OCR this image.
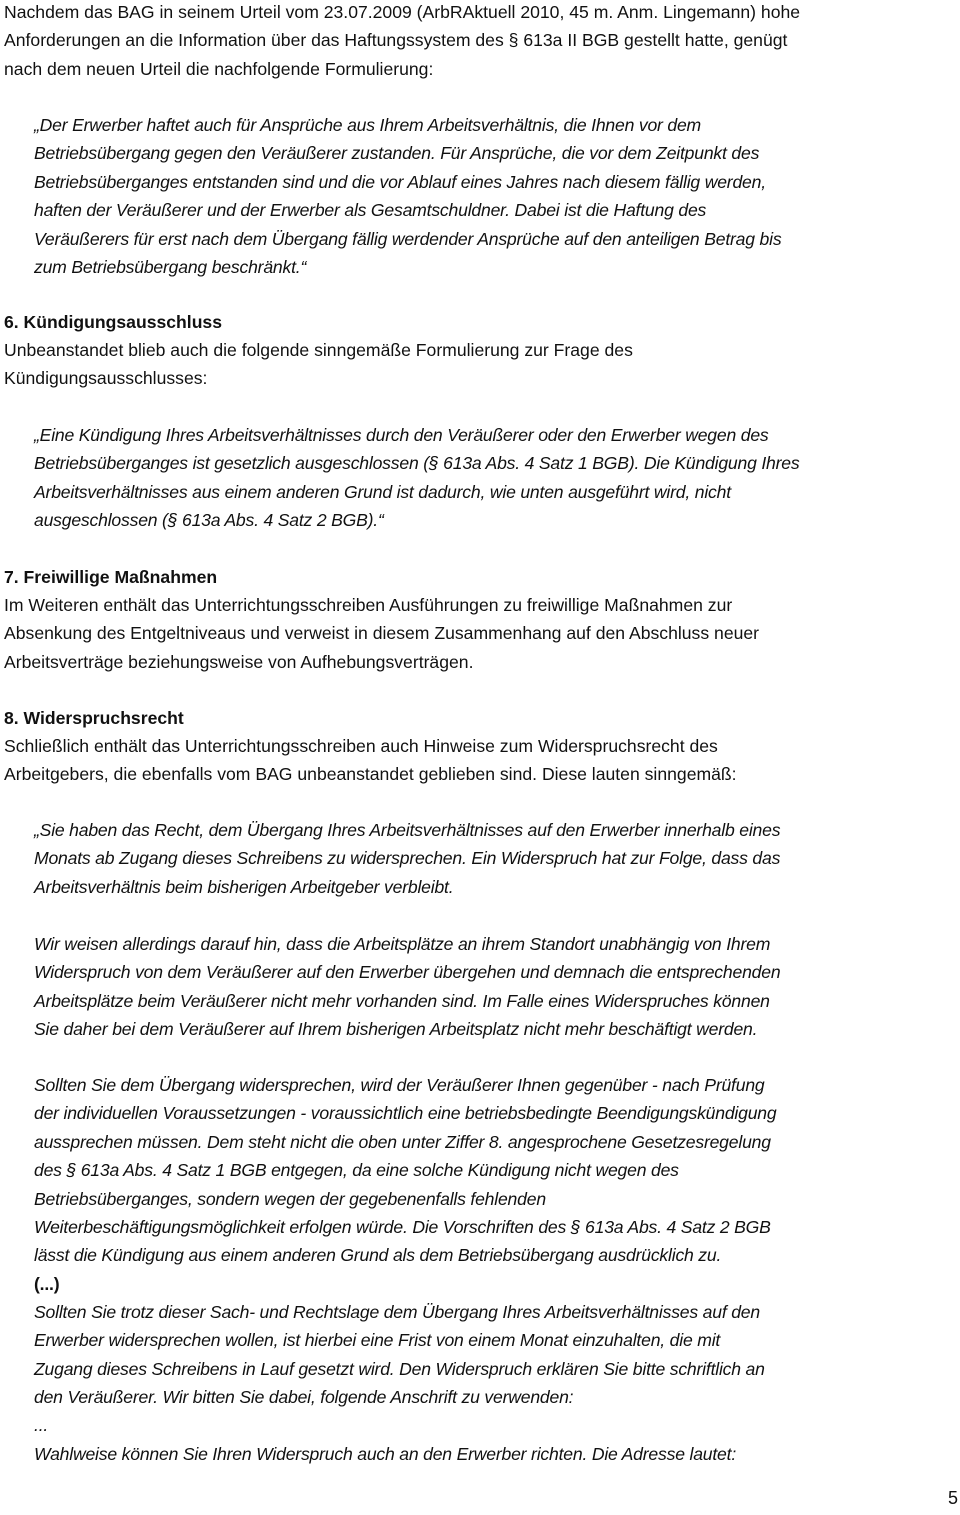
Nachdem das BAG in seinem Urteil vom 23.07.2009 (ArbRAktuell 2010, 45 m. Anm. Lingemann) hohe
Anforderungen an die Information über das Haftungssystem des § 613a II BGB gestellt hatte, genügt
nach dem neuen Urteil die nachfolgende Formulierung:
„Der Erwerber haftet auch für Ansprüche aus Ihrem Arbeitsverhältnis, die Ihnen vor dem
Betriebsübergang gegen den Veräußerer zustanden. Für Ansprüche, die vor dem Zeitpunkt des
Betriebsüberganges entstanden sind und die vor Ablauf eines Jahres nach diesem fällig werden,
haften der Veräußerer und der Erwerber als Gesamtschuldner. Dabei ist die Haftung des
Veräußerers für erst nach dem Übergang fällig werdender Ansprüche auf den anteiligen Betrag bis
zum Betriebsübergang beschränkt.“
6. Kündigungsausschluss
Unbeanstandet blieb auch die folgende sinngemäße Formulierung zur Frage des
Kündigungsausschlusses:
„Eine Kündigung Ihres Arbeitsverhältnisses durch den Veräußerer oder den Erwerber wegen des
Betriebsüberganges ist gesetzlich ausgeschlossen (§ 613a Abs. 4 Satz 1 BGB). Die Kündigung Ihres
Arbeitsverhältnisses aus einem anderen Grund ist dadurch, wie unten ausgeführt wird, nicht
ausgeschlossen (§ 613a Abs. 4 Satz 2 BGB).“
7. Freiwillige Maßnahmen
Im Weiteren enthält das Unterrichtungsschreiben Ausführungen zu freiwillige Maßnahmen zur
Absenkung des Entgeltniveaus und verweist in diesem Zusammenhang auf den Abschluss neuer
Arbeitsverträge beziehungsweise von Aufhebungsverträgen.
8. Widerspruchsrecht
Schließlich enthält das Unterrichtungsschreiben auch Hinweise zum Widerspruchsrecht des
Arbeitgebers, die ebenfalls vom BAG unbeanstandet geblieben sind. Diese lauten sinngemäß:
„Sie haben das Recht, dem Übergang Ihres Arbeitsverhältnisses auf den Erwerber innerhalb eines
Monats ab Zugang dieses Schreibens zu widersprechen. Ein Widerspruch hat zur Folge, dass das
Arbeitsverhältnis beim bisherigen Arbeitgeber verbleibt.
Wir weisen allerdings darauf hin, dass die Arbeitsplätze an ihrem Standort unabhängig von Ihrem
Widerspruch von dem Veräußerer auf den Erwerber übergehen und demnach die entsprechenden
Arbeitsplätze beim Veräußerer nicht mehr vorhanden sind. Im Falle eines Widerspruches können
Sie daher bei dem Veräußerer auf Ihrem bisherigen Arbeitsplatz nicht mehr beschäftigt werden.
Sollten Sie dem Übergang widersprechen, wird der Veräußerer Ihnen gegenüber - nach Prüfung
der individuellen Voraussetzungen - voraussichtlich eine betriebsbedingte Beendigungskündigung
aussprechen müssen. Dem steht nicht die oben unter Ziffer 8. angesprochene Gesetzesregelung
des § 613a Abs. 4 Satz 1 BGB entgegen, da eine solche Kündigung nicht wegen des
Betriebsüberganges, sondern wegen der gegebenenfalls fehlenden
Weiterbeschäftigungsmöglichkeit erfolgen würde. Die Vorschriften des § 613a Abs. 4 Satz 2 BGB
lässt die Kündigung aus einem anderen Grund als dem Betriebsübergang ausdrücklich zu.
(...)
Sollten Sie trotz dieser Sach- und Rechtslage dem Übergang Ihres Arbeitsverhältnisses auf den
Erwerber widersprechen wollen, ist hierbei eine Frist von einem Monat einzuhalten, die mit
Zugang dieses Schreibens in Lauf gesetzt wird. Den Widerspruch erklären Sie bitte schriftlich an
den Veräußerer. Wir bitten Sie dabei, folgende Anschrift zu verwenden:
...
Wahlweise können Sie Ihren Widerspruch auch an den Erwerber richten. Die Adresse lautet:
5
